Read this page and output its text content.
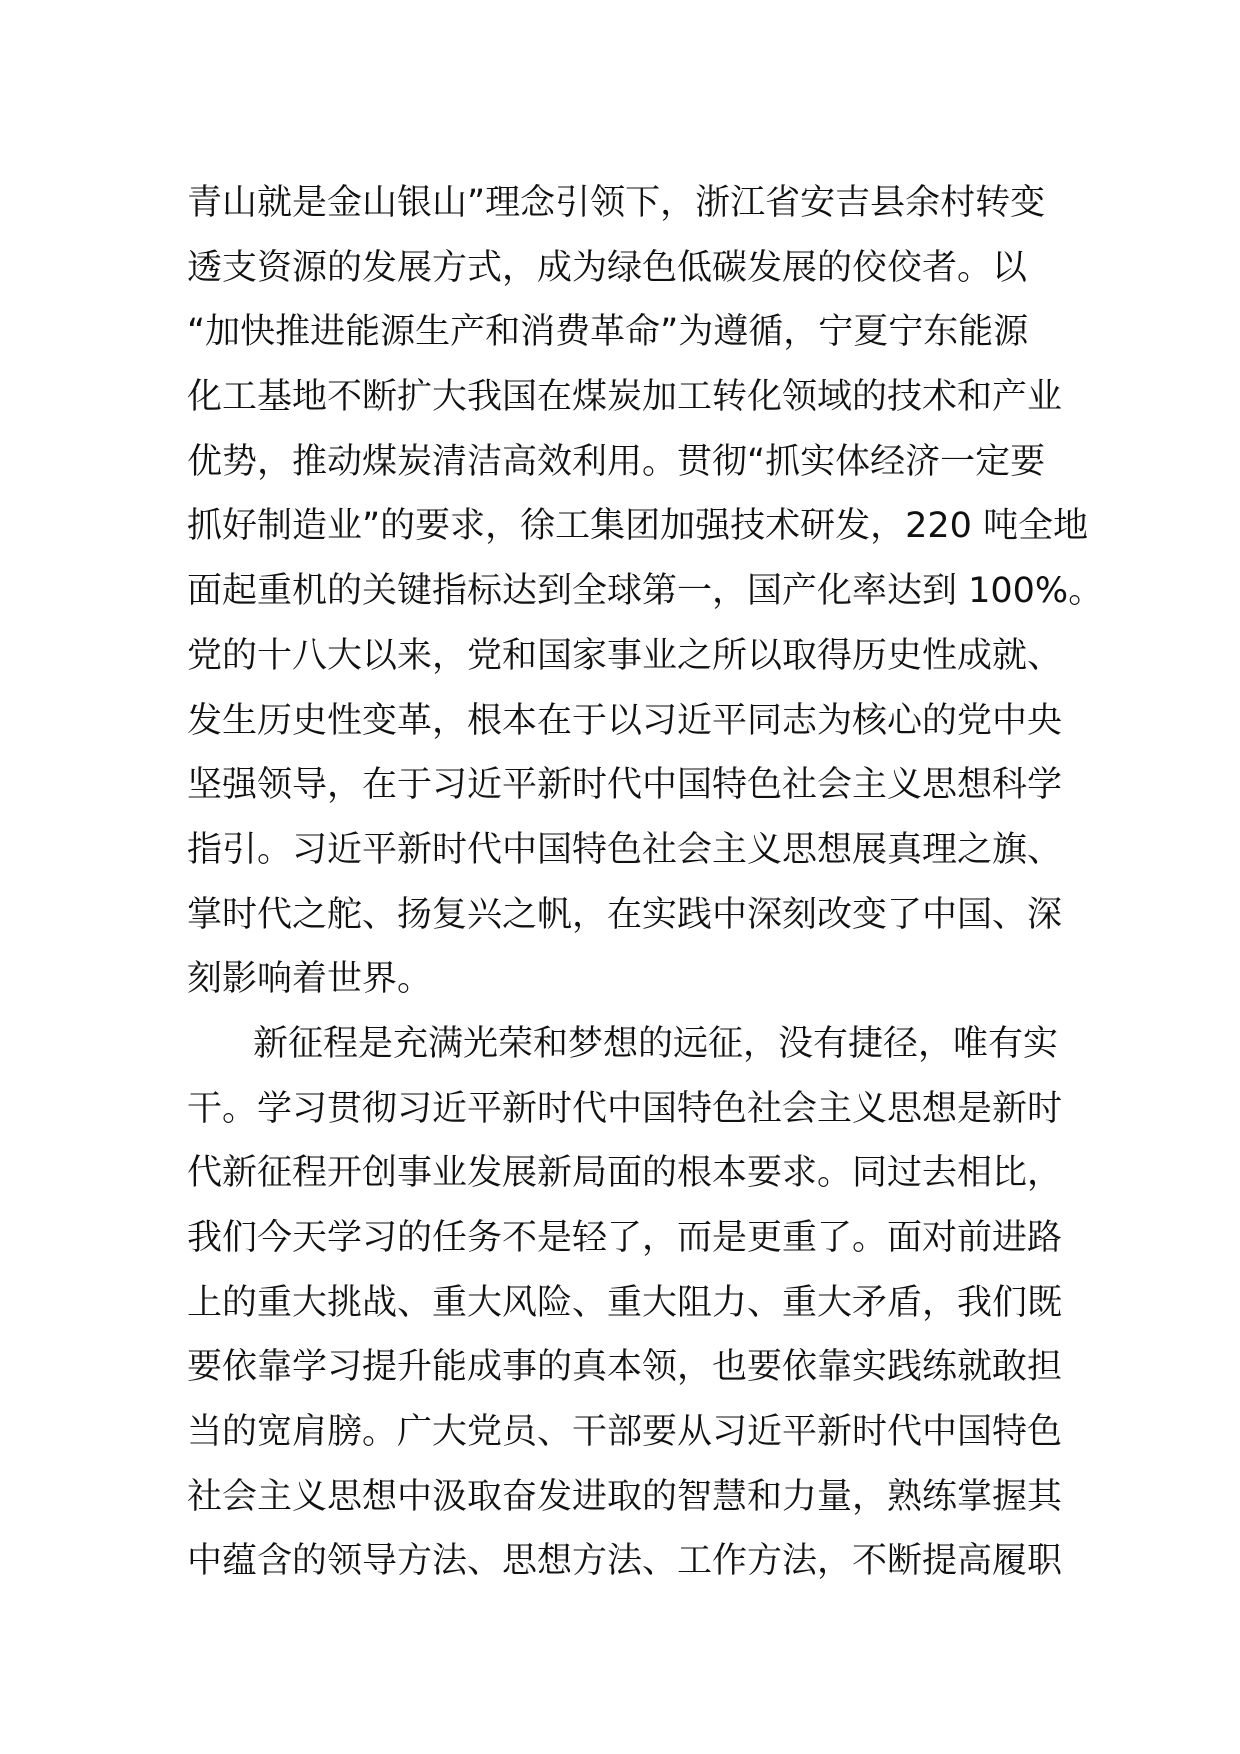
青山就是金山银山”理念引领下，浙江省安吉县余村转变
透支资源的发展方式，成为绿色低碳发展的佼佼者。以
“加快推进能源生产和消费革命”为遵循，宁夏宁东能源
化工基地不断扩大我国在煤炭加工转化领域的技术和产业
优势，推动煤炭清洁高效利用。贯彻“抓实体经济一定要
抓好制造业”的要求，徐工集团加强技术研发，220 吨全地
面起重机的关键指标达到全球第一，国产化率达到 100%。
党的十八大以来，党和国家事业之所以取得历史性成就、
发生历史性变革，根本在于以习近平同志为核心的党中央
坚强领导，在于习近平新时代中国特色社会主义思想科学
指引。习近平新时代中国特色社会主义思想展真理之旗、
掌时代之舵、扬复兴之帆，在实践中深刻改变了中国、深
刻影响着世界。
新征程是充满光荣和梦想的远征，没有捷径，唯有实
干。学习贯彻习近平新时代中国特色社会主义思想是新时
代新征程开创事业发展新局面的根本要求。同过去相比，
我们今天学习的任务不是轻了，而是更重了。面对前进路
上的重大挑战、重大风险、重大阻力、重大矛盾，我们既
要依靠学习提升能成事的真本领，也要依靠实践练就敢担
当的宽肩膀。广大党员、干部要从习近平新时代中国特色
社会主义思想中汲取奋发进取的智慧和力量，熟练掌握其
中蕴含的领导方法、思想方法、工作方法，不断提高履职
